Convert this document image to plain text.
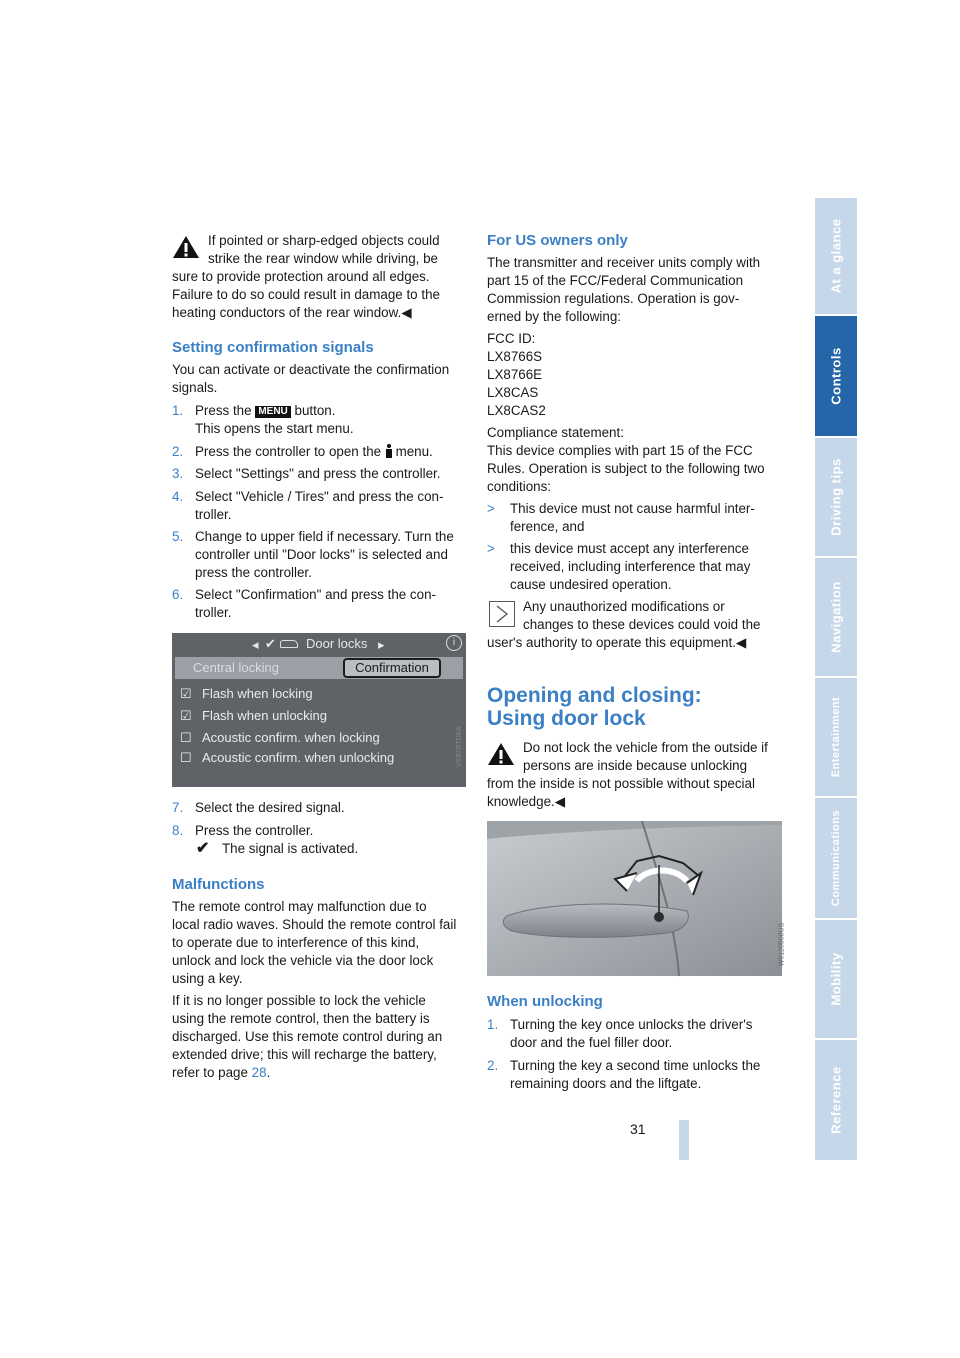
At a glance
Controls
Driving tips
Navigation
Entertainment
Communications
Mobility
Reference
31
If pointed or sharp-edged objects could
strike the rear window while driving, be
sure to provide protection around all edges.
Failure to do so could result in damage to the
heating conductors of the rear window.◀
Setting confirmation signals
You can activate or deactivate the confirmation
signals.
1. Press the MENU button.
This opens the start menu.
2. Press the controller to open the menu.
3. Select "Settings" and press the controller.
4. Select "Vehicle / Tires" and press the con-
troller.
5. Change to upper field if necessary. Turn the
controller until "Door locks" is selected and
press the controller.
6. Select "Confirmation" and press the con-
troller.
◂ ✔ Door locks ▸	i
Central locking	Confirmation
☑ Flash when locking
☑ Flash when unlocking
☐ Acoustic confirm. when locking
☐ Acoustic confirm. when unlocking	VX87RTDKA
7. Select the desired signal.
8. Press the controller.
✔ The signal is activated.
Malfunctions
The remote control may malfunction due to
local radio waves. Should the remote control fail
to operate due to interference of this kind,
unlock and lock the vehicle via the door lock
using a key.
If it is no longer possible to lock the vehicle
using the remote control, then the battery is
discharged. Use this remote control during an
extended drive; this will recharge the battery,
refer to page 28.
For US owners only
The transmitter and receiver units comply with
part 15 of the FCC/Federal Communication
Commission regulations. Operation is gov-
erned by the following:
FCC ID:
LX8766S
LX8766E
LX8CAS
LX8CAS2
Compliance statement:
This device complies with part 15 of the FCC
Rules. Operation is subject to the following two
conditions:
> This device must not cause harmful inter-
ference, and
> this device must accept any interference
received, including interference that may
cause undesired operation.
Any unauthorized modifications or
changes to these devices could void the
user's authority to operate this equipment.◀
Opening and closing:
Using door lock
Do not lock the vehicle from the outside if
persons are inside because unlocking
from the inside is not possible without special
knowledge.◀
W9120500US
When unlocking
1. Turning the key once unlocks the driver's
door and the fuel filler door.
2. Turning the key a second time unlocks the
remaining doors and the liftgate.
